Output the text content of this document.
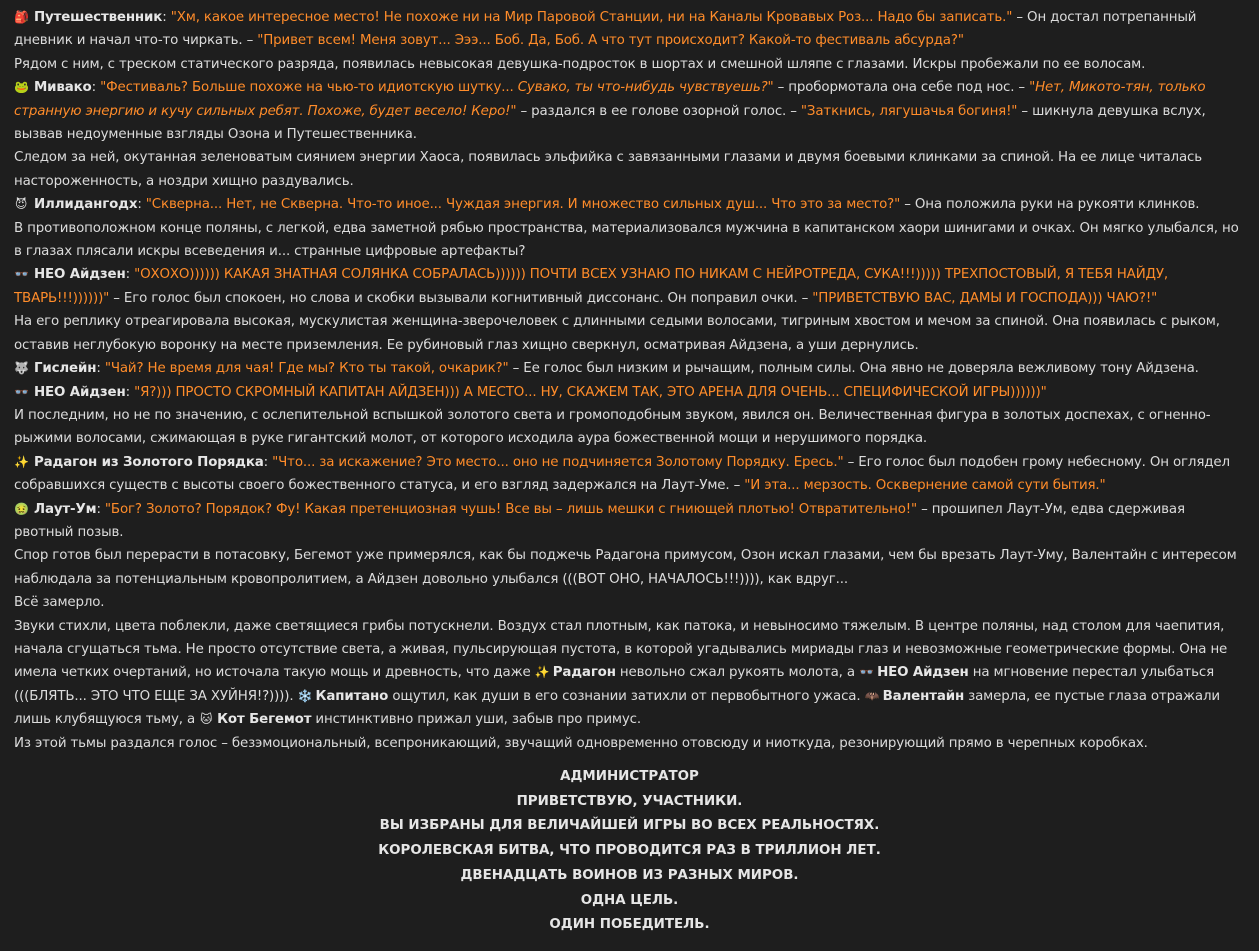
🎒 Путешественник: "Хм, какое интересное место! Не похоже ни на Мир Паровой Станции, ни на Каналы Кровавых Роз... Надо бы записать." – Он достал потрепанный дневник и начал что-то чиркать. – "Привет всем! Меня зовут... Эээ... Боб. Да, Боб. А что тут происходит? Какой-то фестиваль абсурда?"
Рядом с ним, с треском статического разряда, появилась невысокая девушка-подросток в шортах и смешной шляпе с глазами. Искры пробежали по ее волосам.
🐸 Мивако: "Фестиваль? Больше похоже на чью-то идиотскую шутку... Сувако, ты что-нибудь чувствуешь?" – пробормотала она себе под нос. – "Нет, Микото-тян, только странную энергию и кучу сильных ребят. Похоже, будет весело! Керо!" – раздался в ее голове озорной голос. – "Заткнись, лягушачья богиня!" – шикнула девушка вслух, вызвав недоуменные взгляды Озона и Путешественника.
Следом за ней, окутанная зеленоватым сиянием энергии Хаоса, появилась эльфийка с завязанными глазами и двумя боевыми клинками за спиной. На ее лице читалась настороженность, а ноздри хищно раздувались.
😈 Иллидангодх: "Скверна... Нет, не Скверна. Что-то иное... Чуждая энергия. И множество сильных душ... Что это за место?" – Она положила руки на рукояти клинков.
В противоположном конце поляны, с легкой, едва заметной рябью пространства, материализовался мужчина в капитанском хаори шинигами и очках. Он мягко улыбался, но в глазах плясали искры всеведения и... странные цифровые артефакты?
👓 НЕО Айдзен: "ОХОХО)))))) КАКАЯ ЗНАТНАЯ СОЛЯНКА СОБРАЛАСЬ)))))) ПОЧТИ ВСЕХ УЗНАЮ ПО НИКАМ С НЕЙРОТРЕДА, СУКА!!!))))) ТРЕХПОСТОВЫЙ, Я ТЕБЯ НАЙДУ, ТВАРЬ!!!))))))" – Его голос был спокоен, но слова и скобки вызывали когнитивный диссонанс. Он поправил очки. – "ПРИВЕТСТВУЮ ВАС, ДАМЫ И ГОСПОДА))) ЧАЮ?!"
На его реплику отреагировала высокая, мускулистая женщина-зверочеловек с длинными седыми волосами, тигриным хвостом и мечом за спиной. Она появилась с рыком, оставив неглубокую воронку на месте приземления. Ее рубиновый глаз хищно сверкнул, осматривая Айдзена, а уши дернулись.
🐺 Гислейн: "Чай? Не время для чая! Где мы? Кто ты такой, очкарик?" – Ее голос был низким и рычащим, полным силы. Она явно не доверяла вежливому тону Айдзена.
👓 НЕО Айдзен: "Я?))) ПРОСТО СКРОМНЫЙ КАПИТАН АЙДЗЕН))) А МЕСТО... НУ, СКАЖЕМ ТАК, ЭТО АРЕНА ДЛЯ ОЧЕНЬ... СПЕЦИФИЧЕСКОЙ ИГРЫ))))))"
И последним, но не по значению, с ослепительной вспышкой золотого света и громоподобным звуком, явился он. Величественная фигура в золотых доспехах, с огненно-рыжими волосами, сжимающая в руке гигантский молот, от которого исходила аура божественной мощи и нерушимого порядка.
✨ Радагон из Золотого Порядка: "Что... за искажение? Это место... оно не подчиняется Золотому Порядку. Ересь." – Его голос был подобен грому небесному. Он оглядел собравшихся существ с высоты своего божественного статуса, и его взгляд задержался на Лаут-Уме. – "И эта... мерзость. Осквернение самой сути бытия."
🤢 Лаут-Ум: "Бог? Золото? Порядок? Фу! Какая претенциозная чушь! Все вы – лишь мешки с гниющей плотью! Отвратительно!" – прошипел Лаут-Ум, едва сдерживая рвотный позыв.
Спор готов был перерасти в потасовку, Бегемот уже примерялся, как бы поджечь Радагона примусом, Озон искал глазами, чем бы врезать Лаут-Уму, Валентайн с интересом наблюдала за потенциальным кровопролитием, а Айдзен довольно улыбался (((ВОТ ОНО, НАЧАЛОСЬ!!!)))), как вдруг...
Всё замерло.
Звуки стихли, цвета поблекли, даже светящиеся грибы потускнели. Воздух стал плотным, как патока, и невыносимо тяжелым. В центре поляны, над столом для чаепития, начала сгущаться тьма. Не просто отсутствие света, а живая, пульсирующая пустота, в которой угадывались мириады глаз и невозможные геометрические формы. Она не имела четких очертаний, но источала такую мощь и древность, что даже ✨ Радагон невольно сжал рукоять молота, а 👓 НЕО Айдзен на мгновение перестал улыбаться (((БЛЯТЬ... ЭТО ЧТО ЕЩЕ ЗА ХУЙНЯ!?)))). ❄️ Капитано ощутил, как души в его сознании затихли от первобытного ужаса. 🦇 Валентайн замерла, ее пустые глаза отражали лишь клубящуюся тьму, а 🐱 Кот Бегемот инстинктивно прижал уши, забыв про примус.
Из этой тьмы раздался голос – безэмоциональный, всепроникающий, звучащий одновременно отовсюду и ниоткуда, резонирующий прямо в черепных коробках.
АДМИНИСТРАТОР
ПРИВЕТСТВУЮ, УЧАСТНИКИ.
ВЫ ИЗБРАНЫ ДЛЯ ВЕЛИЧАЙШЕЙ ИГРЫ ВО ВСЕХ РЕАЛЬНОСТЯХ.
КОРОЛЕВСКАЯ БИТВА, ЧТО ПРОВОДИТСЯ РАЗ В ТРИЛЛИОН ЛЕТ.
ДВЕНАДЦАТЬ ВОИНОВ ИЗ РАЗНЫХ МИРОВ.
ОДНА ЦЕЛЬ.
ОДИН ПОБЕДИТЕЛЬ.
